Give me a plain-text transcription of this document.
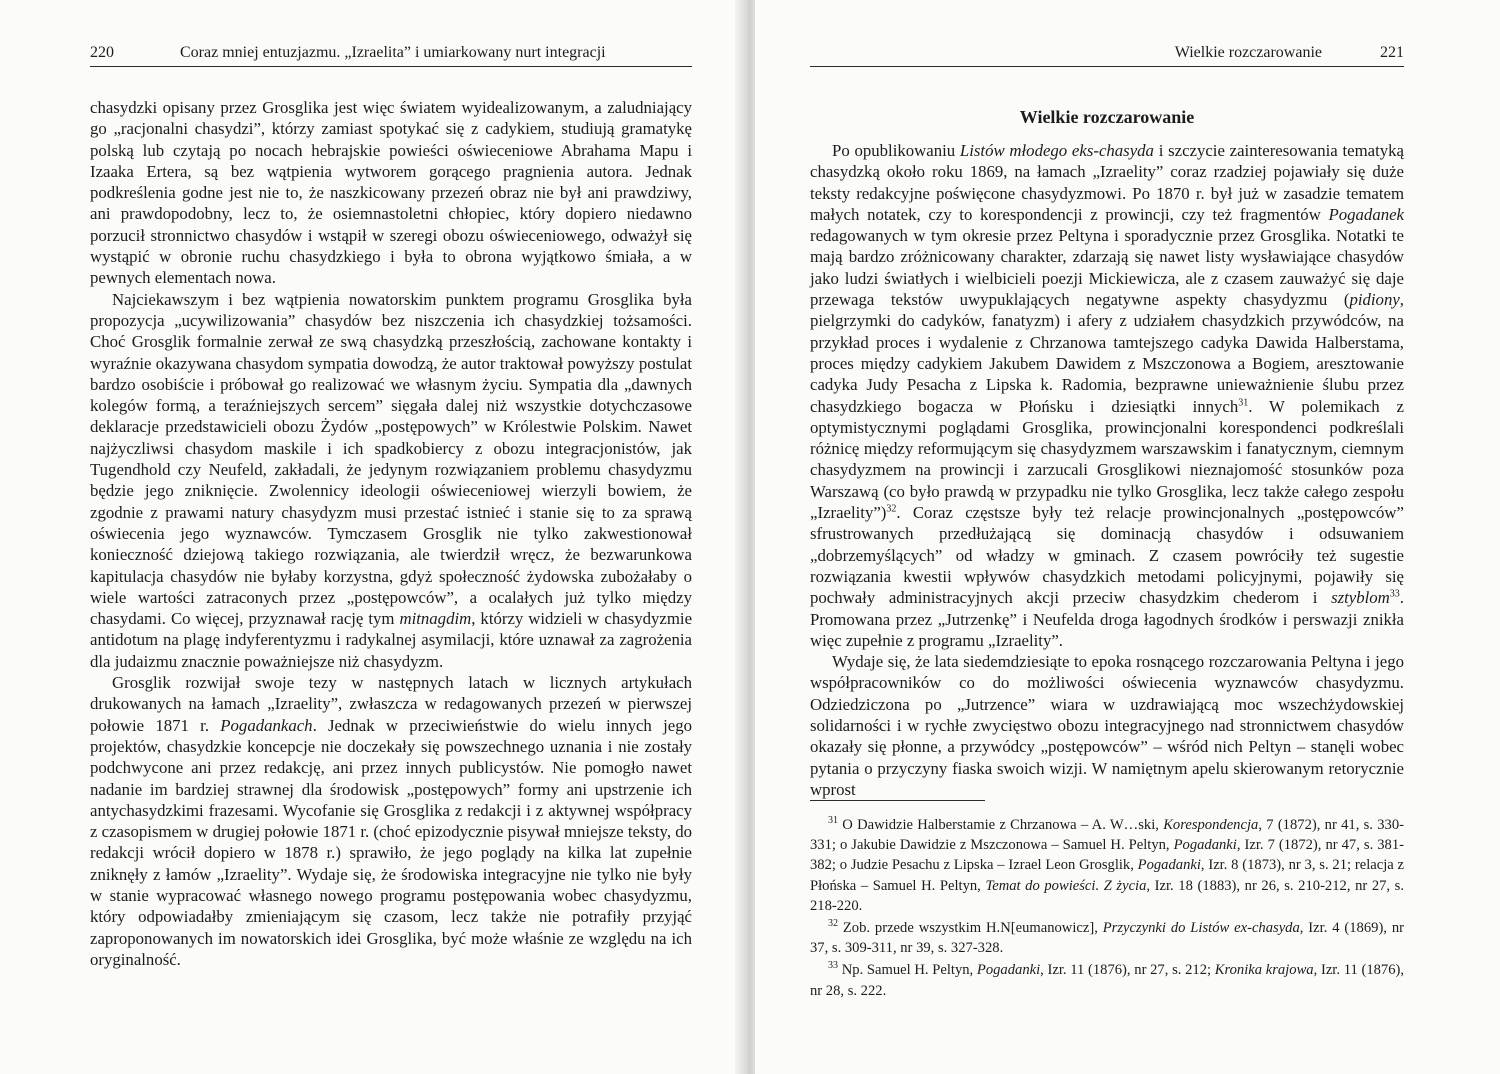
220	Coraz mniej entuzjazmu. „Izraelita” i umiarkowany nurt integracji

chasydzki opisany przez Grosglika jest więc światem wyidealizowanym, a zaludniający go „racjonalni chasydzi”, którzy zamiast spotykać się z cadykiem, studiują gramatykę polską lub czytają po nocach hebrajskie powieści oświeceniowe Abrahama Mapu i Izaaka Ertera, są bez wątpienia wytworem gorącego pragnienia autora. Jednak podkreślenia godne jest nie to, że naszkicowany przezeń obraz nie był ani prawdziwy, ani prawdopodobny, lecz to, że osiemnastoletni chłopiec, który dopiero niedawno porzucił stronnictwo chasydów i wstąpił w szeregi obozu oświeceniowego, odważył się wystąpić w obronie ruchu chasydzkiego i była to obrona wyjątkowo śmiała, a w pewnych elementach nowa.

Najciekawszym i bez wątpienia nowatorskim punktem programu Grosglika była propozycja „ucywilizowania” chasydów bez niszczenia ich chasydzkiej tożsamości. Choć Grosglik formalnie zerwał ze swą chasydzką przeszłością, zachowane kontakty i wyraźnie okazywana chasydom sympatia dowodzą, że autor traktował powyższy postulat bardzo osobiście i próbował go realizować we własnym życiu. Sympatia dla „dawnych kolegów formą, a teraźniejszych sercem” sięgała dalej niż wszystkie dotychczasowe deklaracje przedstawicieli obozu Żydów „postępowych” w Królestwie Polskim. Nawet najżyczliwsi chasydom maskile i ich spadkobiercy z obozu integracjonistów, jak Tugendhold czy Neufeld, zakładali, że jedynym rozwiązaniem problemu chasydyzmu będzie jego zniknięcie. Zwolennicy ideologii oświeceniowej wierzyli bowiem, że zgodnie z prawami natury chasydyzm musi przestać istnieć i stanie się to za sprawą oświecenia jego wyznawców. Tymczasem Grosglik nie tylko zakwestionował konieczność dziejową takiego rozwiązania, ale twierdził wręcz, że bezwarunkowa kapitulacja chasydów nie byłaby korzystna, gdyż społeczność żydowska zubożałaby o wiele wartości zatraconych przez „postępowców”, a ocalałych już tylko między chasydami. Co więcej, przyznawał rację tym mitnagdim, którzy widzieli w chasydyzmie antidotum na plagę indyferentyzmu i radykalnej asymilacji, które uznawał za zagrożenia dla judaizmu znacznie poważniejsze niż chasydyzm.

Grosglik rozwijał swoje tezy w następnych latach w licznych artykułach drukowanych na łamach „Izraelity”, zwłaszcza w redagowanych przezeń w pierwszej połowie 1871 r. Pogadankach. Jednak w przeciwieństwie do wielu innych jego projektów, chasydzkie koncepcje nie doczekały się powszechnego uznania i nie zostały podchwycone ani przez redakcję, ani przez innych publicystów. Nie pomogło nawet nadanie im bardziej strawnej dla środowisk „postępowych” formy ani upstrzenie ich antychasydzkimi frazesami. Wycofanie się Grosglika z redakcji i z aktywnej współpracy z czasopismem w drugiej połowie 1871 r. (choć epizodycznie pisywał mniejsze teksty, do redakcji wrócił dopiero w 1878 r.) sprawiło, że jego poglądy na kilka lat zupełnie zniknęły z łamów „Izraelity”. Wydaje się, że środowiska integracyjne nie tylko nie były w stanie wypracować własnego nowego programu postępowania wobec chasydyzmu, który odpowiadałby zmieniającym się czasom, lecz także nie potrafiły przyjąć zaproponowanych im nowatorskich idei Grosglika, być może właśnie ze względu na ich oryginalność.

Wielkie rozczarowanie	221
Wielkie rozczarowanie

Po opublikowaniu Listów młodego eks-chasyda i szczycie zainteresowania tematyką chasydzką około roku 1869, na łamach „Izraelity” coraz rzadziej pojawiały się duże teksty redakcyjne poświęcone chasydyzmowi. Po 1870 r. był już w zasadzie tematem małych notatek, czy to korespondencji z prowincji, czy też fragmentów Pogadanek redagowanych w tym okresie przez Peltyna i sporadycznie przez Grosglika. Notatki te mają bardzo zróżnicowany charakter, zdarzają się nawet listy wysławiające chasydów jako ludzi światłych i wielbicieli poezji Mickiewicza, ale z czasem zauważyć się daje przewaga tekstów uwypuklających negatywne aspekty chasydyzmu (pidiony, pielgrzymki do cadyków, fanatyzm) i afery z udziałem chasydzkich przywódców, na przykład proces i wydalenie z Chrzanowa tamtejszego cadyka Dawida Halberstama, proces między cadykiem Jakubem Dawidem z Mszczonowa a Bogiem, aresztowanie cadyka Judy Pesacha z Lipska k. Radomia, bezprawne unieważnienie ślubu przez chasydzkiego bogacza w Płońsku i dziesiątki innych$^{31}$. W polemikach z optymistycznymi poglądami Grosglika, prowincjonalni korespondenci podkreślali różnicę między reformującym się chasydyzmem warszawskim i fanatycznym, ciemnym chasydyzmem na prowincji i zarzucali Grosglikowi nieznajomość stosunków poza Warszawą (co było prawdą w przypadku nie tylko Grosglika, lecz także całego zespołu „Izraelity”)$^{32}$. Coraz częstsze były też relacje prowincjonalnych „postępowców” sfrustrowanych przedłużającą się dominacją chasydów i odsuwaniem „dobrzemyślących” od władzy w gminach. Z czasem powróciły też sugestie rozwiązania kwestii wpływów chasydzkich metodami policyjnymi, pojawiły się pochwały administracyjnych akcji przeciw chasydzkim chederom i sztyblom$^{33}$. Promowana przez „Jutrzenkę” i Neufelda droga łagodnych środków i perswazji znikła więc zupełnie z programu „Izraelity”.

Wydaje się, że lata siedemdziesiąte to epoka rosnącego rozczarowania Peltyna i jego współpracowników co do możliwości oświecenia wyznawców chasydyzmu. Odziedziczona po „Jutrzence” wiara w uzdrawiającą moc wszechżydowskiej solidarności i w rychłe zwycięstwo obozu integracyjnego nad stronnictwem chasydów okazały się płonne, a przywódcy „postępowców” – wśród nich Peltyn – stanęli wobec pytania o przyczyny fiaska swoich wizji. W namiętnym apelu skierowanym retorycznie wprost

$^{31}$ O Dawidzie Halberstamie z Chrzanowa – A. W…ski, Korespondencja, 7 (1872), nr 41, s. 330-331; o Jakubie Dawidzie z Mszczonowa – Samuel H. Peltyn, Pogadanki, Izr. 7 (1872), nr 47, s. 381-382; o Judzie Pesachu z Lipska – Izrael Leon Grosglik, Pogadanki, Izr. 8 (1873), nr 3, s. 21; relacja z Płońska – Samuel H. Peltyn, Temat do powieści. Z życia, Izr. 18 (1883), nr 26, s. 210-212, nr 27, s. 218-220.

$^{32}$ Zob. przede wszystkim H.N[eumanowicz], Przyczynki do Listów ex-chasyda, Izr. 4 (1869), nr 37, s. 309-311, nr 39, s. 327-328.

$^{33}$ Np. Samuel H. Peltyn, Pogadanki, Izr. 11 (1876), nr 27, s. 212; Kronika krajowa, Izr. 11 (1876), nr 28, s. 222.
